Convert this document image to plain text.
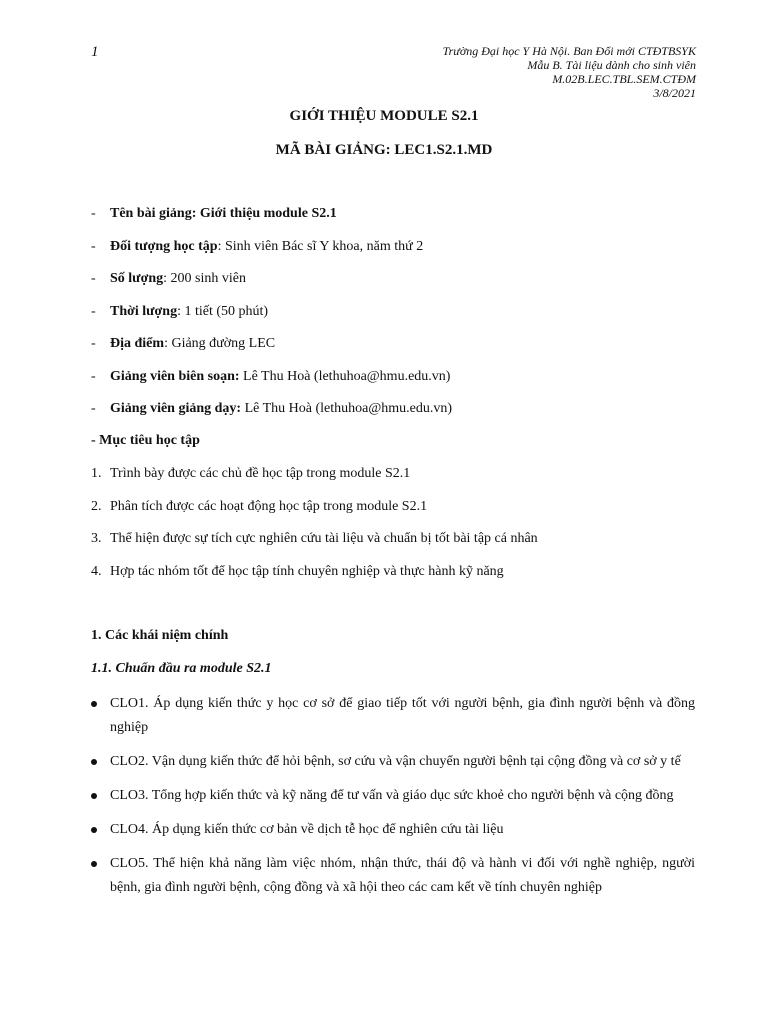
1	Trường Đại học Y Hà Nội. Ban Đổi mới CTĐTBSYK
Mẫu B. Tài liệu dành cho sinh viên
M.02B.LEC.TBL.SEM.CTĐM
3/8/2021
GIỚI THIỆU MODULE S2.1
MÃ BÀI GIẢNG: LEC1.S2.1.MD
- Tên bài giảng: Giới thiệu module S2.1
- Đối tượng học tập: Sinh viên Bác sĩ Y khoa, năm thứ 2
- Số lượng: 200 sinh viên
- Thời lượng: 1 tiết (50 phút)
- Địa điểm: Giảng đường LEC
- Giảng viên biên soạn: Lê Thu Hoà (lethuhoa@hmu.edu.vn)
- Giảng viên giảng dạy: Lê Thu Hoà (lethuhoa@hmu.edu.vn)
- Mục tiêu học tập
1. Trình bày được các chủ đề học tập trong module S2.1
2. Phân tích được các hoạt động học tập trong module S2.1
3. Thể hiện được sự tích cực nghiên cứu tài liệu và chuẩn bị tốt bài tập cá nhân
4. Hợp tác nhóm tốt để học tập tính chuyên nghiệp và thực hành kỹ năng
1. Các khái niệm chính
1.1. Chuẩn đầu ra module S2.1
CLO1. Áp dụng kiến thức y học cơ sở để giao tiếp tốt với người bệnh, gia đình người bệnh và đồng nghiệp
CLO2. Vận dụng kiến thức để hỏi bệnh, sơ cứu và vận chuyển người bệnh tại cộng đồng và cơ sở y tế
CLO3. Tổng hợp kiến thức và kỹ năng để tư vấn và giáo dục sức khoẻ cho người bệnh và cộng đồng
CLO4. Áp dụng kiến thức cơ bản về dịch tễ học để nghiên cứu tài liệu
CLO5. Thể hiện khả năng làm việc nhóm, nhận thức, thái độ và hành vi đối với nghề nghiệp, người bệnh, gia đình người bệnh, cộng đồng và xã hội theo các cam kết về tính chuyên nghiệp
